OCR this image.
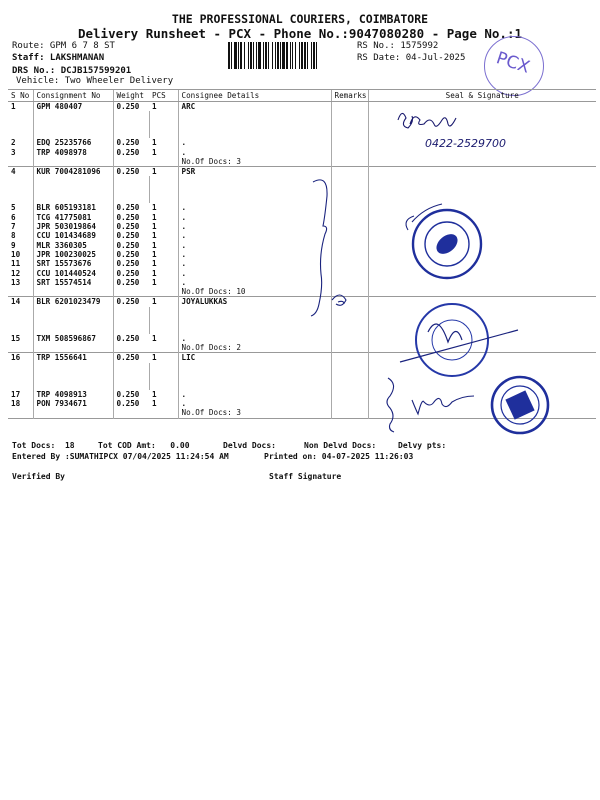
THE PROFESSIONAL COURIERS, COIMBATORE
Delivery Runsheet - PCX - Phone No.:9047080280 - Page No.:1
Route: GPM 6 7 8 ST
Staff: LAKSHMANAN
DRS No.: DCJB157599201
Vehicle: Two Wheeler Delivery
RS No.: 1575992
RS Date: 04-Jul-2025 PCX
S No	Consignment No	Weight	PCS	Consignee Details	Remarks	Seal & Signature
1	GPM 480407	0.250	1	ARC		

2	EDQ 25235766	0.250	1	.		
3	TRP 4098978	0.250	1	.		
				No.Of Docs: 3		
4	KUR 7004281096	0.250	1	PSR		

5	BLR 605193181	0.250	1	.		
6	TCG 41775081	0.250	1	.		
7	JPR 503019864	0.250	1	.		
8	CCU 101434689	0.250	1	.		
9	MLR 3360305	0.250	1	.		
10	JPR 100230025	0.250	1	.		
11	SRT 15573676	0.250	1	.		
12	CCU 101440524	0.250	1	.		
13	SRT 15574514	0.250	1	.		
				No.Of Docs: 10		
14	BLR 6201023479	0.250	1	JOYALUKKAS		

15	TXM 508596867	0.250	1	.		
				No.Of Docs: 2		
16	TRP 1556641	0.250	1	LIC		

17	TRP 4098913	0.250	1	.		
18	PON 7934671	0.250	1	.		
				No.Of Docs: 3		
0422-2529700
Tot Docs:  18	Tot COD Amt:   0.00	Delvd Docs:	Non Delvd Docs:	Delvy pts:
Entered By :SUMATHIPCX 07/04/2025 11:24:54 AM	Printed on: 04-07-2025 11:26:03
Verified By	Staff Signature
